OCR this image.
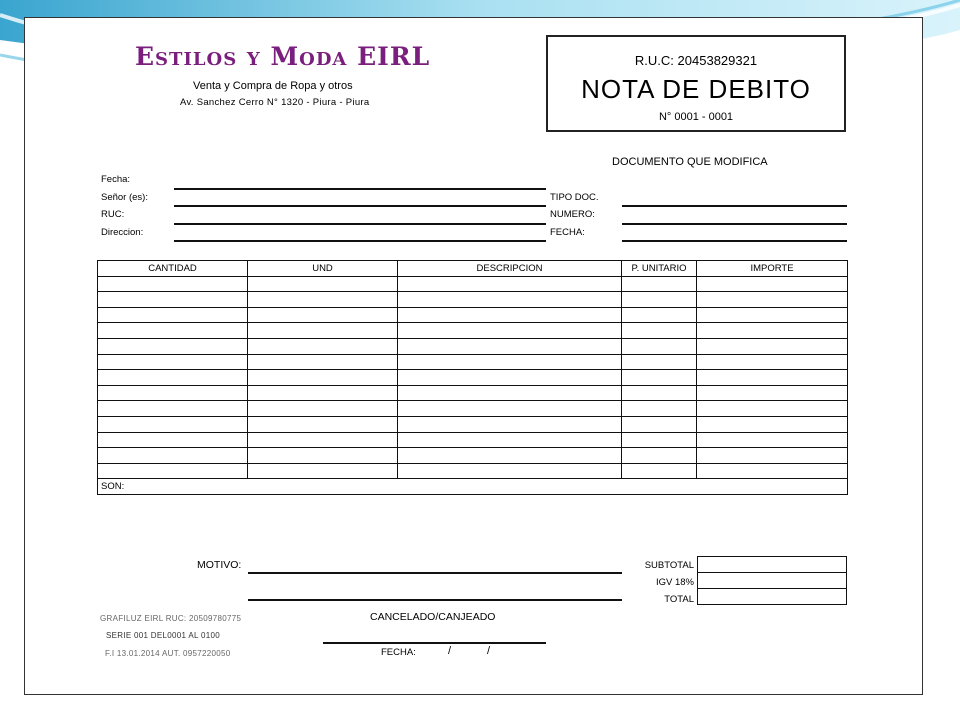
Estilos y Moda EIRL
Venta y Compra de Ropa y otros
Av. Sanchez Cerro N° 1320 - Piura - Piura
R.U.C: 20453829321
NOTA DE DEBITO
N° 0001 - 0001
Fecha:
Señor (es):
RUC:
Direccion:
DOCUMENTO QUE MODIFICA
TIPO DOC.
NUMERO:
FECHA:
CANTIDAD	UND	DESCRIPCION	P. UNITARIO	IMPORTE

SON:				
MOTIVO:	SUBTOTAL
IGV 18%
TOTAL

GRAFILUZ EIRL RUC: 20509780775
SERIE 001 DEL0001 AL 0100
F.I 13.01.2014 AUT. 0957220050
CANCELADO/CANJEADO
FECHA:	/	/
